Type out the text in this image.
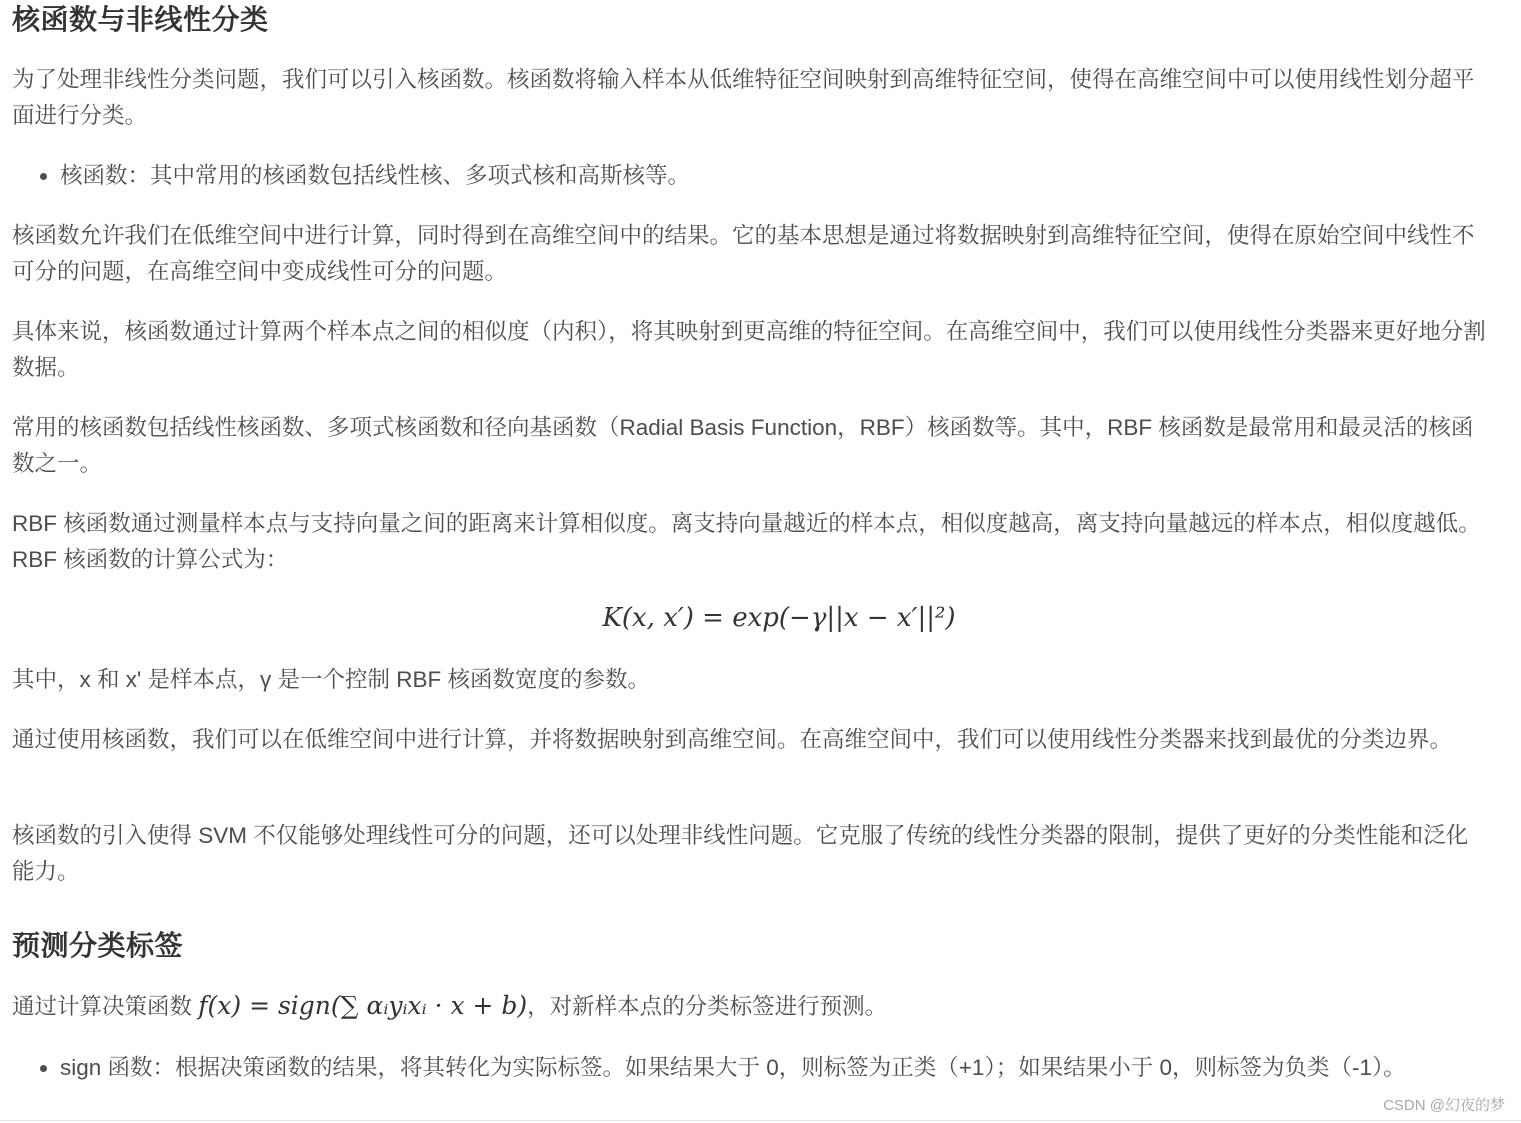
核函数与非线性分类

为了处理非线性分类问题，我们可以引入核函数。核函数将输入样本从低维特征空间映射到高维特征空间，使得在高维空间中可以使用线性划分超平面进行分类。

核函数：其中常用的核函数包括线性核、多项式核和高斯核等。

核函数允许我们在低维空间中进行计算，同时得到在高维空间中的结果。它的基本思想是通过将数据映射到高维特征空间，使得在原始空间中线性不可分的问题，在高维空间中变成线性可分的问题。

具体来说，核函数通过计算两个样本点之间的相似度（内积），将其映射到更高维的特征空间。在高维空间中，我们可以使用线性分类器来更好地分割数据。

常用的核函数包括线性核函数、多项式核函数和径向基函数（Radial Basis Function，RBF）核函数等。其中，RBF 核函数是最常用和最灵活的核函数之一。

RBF 核函数通过测量样本点与支持向量之间的距离来计算相似度。离支持向量越近的样本点，相似度越高，离支持向量越远的样本点，相似度越低。RBF 核函数的计算公式为：

K(x, x′) = exp(−γ||x − x′||²)

其中，x 和 x' 是样本点，γ 是一个控制 RBF 核函数宽度的参数。

通过使用核函数，我们可以在低维空间中进行计算，并将数据映射到高维空间。在高维空间中，我们可以使用线性分类器来找到最优的分类边界。

核函数的引入使得 SVM 不仅能够处理线性可分的问题，还可以处理非线性问题。它克服了传统的线性分类器的限制，提供了更好的分类性能和泛化能力。

预测分类标签

通过计算决策函数 f(x) = sign(∑ αᵢyᵢxᵢ · x + b)，对新样本点的分类标签进行预测。

sign 函数：根据决策函数的结果，将其转化为实际标签。如果结果大于 0，则标签为正类（+1）；如果结果小于 0，则标签为负类（-1）。
CSDN @幻夜的梦
